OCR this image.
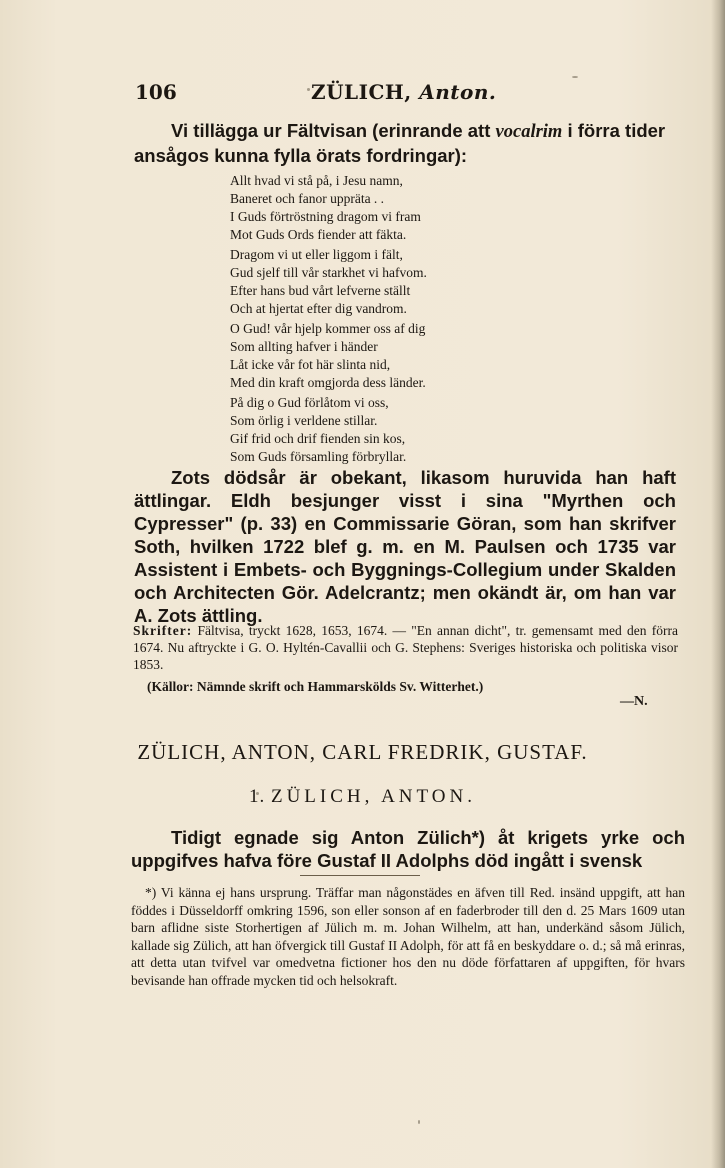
106	ZÜLICH, Anton.

Vi tillägga ur Fältvisan (erinrande att vocalrim i förra tider ansågos kunna fylla örats fordringar):

Allt hvad vi stå på, i Jesu namn,
Baneret och fanor uppräta . .
I Guds förtröstning dragom vi fram
Mot Guds Ords fiender att fäkta.
Dragom vi ut eller liggom i fält,
Gud sjelf till vår starkhet vi hafvom.
Efter hans bud vårt lefverne ställt
Och at hjertat efter dig vandrom.
O Gud! vår hjelp kommer oss af dig
Som allting hafver i händer
Låt icke vår fot här slinta nid,
Med din kraft omgjorda dess länder.
På dig o Gud förlåtom vi oss,
Som örlig i verldene stillar.
Gif frid och drif fienden sin kos,
Som Guds församling förbryllar.

Zots dödsår är obekant, likasom huruvida han haft ättlingar. Eldh besjunger visst i sina "Myrthen och Cypresser" (p. 33) en Commissarie Göran, som han skrifver Soth, hvilken 1722 blef g. m. en M. Paulsen och 1735 var Assistent i Embets- och Byggnings-Collegium under Skalden och Architecten Gör. Adelcrantz; men okändt är, om han var A. Zots ättling.

Skrifter: Fältvisa, tryckt 1628, 1653, 1674. — "En annan dicht", tr. gemensamt med den förra 1674. Nu aftryckte i G. O. Hyltén-Cavallii och G. Stephens: Sveriges historiska och politiska visor 1853.

(Källor: Nämnde skrift och Hammarskölds Sv. Witterhet.)
—N.
ZÜLICH, ANTON, CARL FREDRIK, GUSTAF.
1. ZÜLICH, ANTON.

Tidigt egnade sig Anton Zülich*) åt krigets yrke och uppgifves hafva före Gustaf II Adolphs död ingått i svensk

*) Vi känna ej hans ursprung. Träffar man någonstädes en äfven till Red. insänd uppgift, att han föddes i Düsseldorff omkring 1596, son eller sonson af en faderbroder till den d. 25 Mars 1609 utan barn aflidne siste Storhertigen af Jülich m. m. Johan Wilhelm, att han, underkänd såsom Jülich, kallade sig Zülich, att han öfvergick till Gustaf II Adolph, för att få en beskyddare o. d.; så må erinras, att detta utan tvifvel var omedvetna fictioner hos den nu döde författaren af uppgiften, för hvars bevisande han offrade mycken tid och helsokraft.
